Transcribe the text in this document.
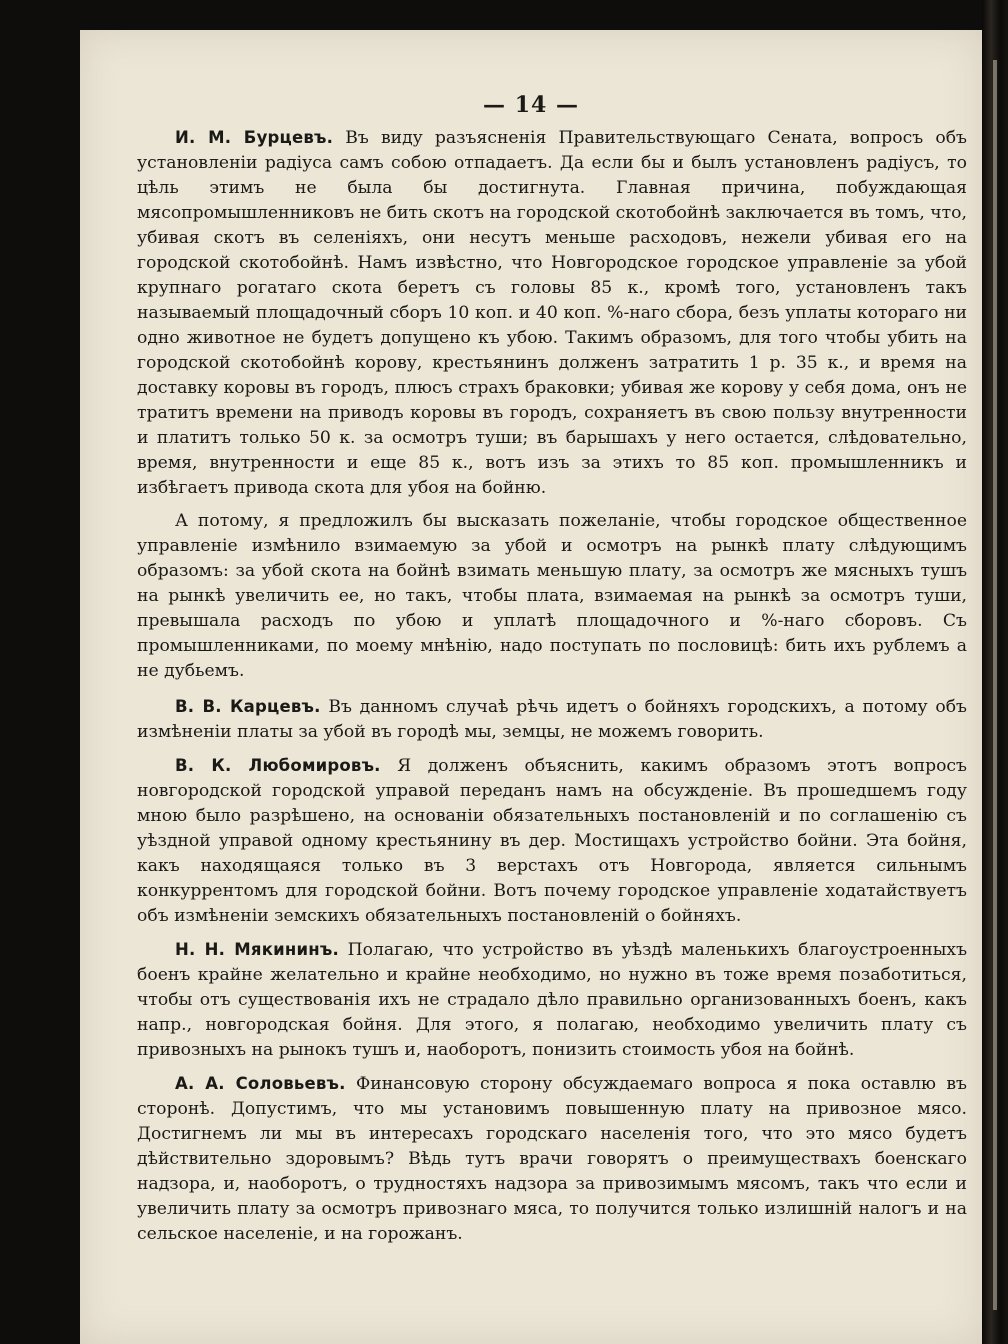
— 14 —

И. М. Бурцевъ. Въ виду разъясненія Правительствующаго Сената, вопросъ объ установленіи радіуса самъ собою отпадаетъ. Да если бы и былъ установленъ радіусъ, то цѣль этимъ не была бы достигнута. Главная причина, побуждающая мясопромышленниковъ не бить скотъ на городской скотобойнѣ заключается въ томъ, что, убивая скотъ въ селеніяхъ, они несутъ меньше расходовъ, нежели убивая его на городской скотобойнѣ. Намъ извѣстно, что Новгородское городское управленіе за убой крупнаго рогатаго скота беретъ съ головы 85 к., кромѣ того, установленъ такъ называемый площадочный сборъ 10 коп. и 40 коп. %-наго сбора, безъ уплаты котораго ни одно животное не будетъ допущено къ убою. Такимъ образомъ, для того чтобы убить на городской скотобойнѣ корову, крестьянинъ долженъ затратить 1 р. 35 к., и время на доставку коровы въ городъ, плюсъ страхъ браковки; убивая же корову у себя дома, онъ не тратитъ времени на приводъ коровы въ городъ, сохраняетъ въ свою пользу внутренности и платитъ только 50 к. за осмотръ туши; въ барышахъ у него остается, слѣдовательно, время, внутренности и еще 85 к., вотъ изъ за этихъ то 85 коп. промышленникъ и избѣгаетъ привода скота для убоя на бойню.

А потому, я предложилъ бы высказать пожеланіе, чтобы городское общественное управленіе измѣнило взимаемую за убой и осмотръ на рынкѣ плату слѣдующимъ образомъ: за убой скота на бойнѣ взимать меньшую плату, за осмотръ же мясныхъ тушъ на рынкѣ увеличить ее, но такъ, чтобы плата, взимаемая на рынкѣ за осмотръ туши, превышала расходъ по убою и уплатѣ площадочного и %-наго сборовъ. Съ промышленниками, по моему мнѣнію, надо поступать по пословицѣ: бить ихъ рублемъ а не дубьемъ.

В. В. Карцевъ. Въ данномъ случаѣ рѣчь идетъ о бойняхъ городскихъ, а потому объ измѣненіи платы за убой въ городѣ мы, земцы, не можемъ говорить.

В. К. Любомировъ. Я долженъ объяснить, какимъ образомъ этотъ вопросъ новгородской городской управой переданъ намъ на обсужденіе. Въ прошедшемъ году мною было разрѣшено, на основаніи обязательныхъ постановленій и по соглашенію съ уѣздной управой одному крестьянину въ дер. Мостищахъ устройство бойни. Эта бойня, какъ находящаяся только въ 3 верстахъ отъ Новгорода, является сильнымъ конкуррентомъ для городской бойни. Вотъ почему городское управленіе ходатайствуетъ объ измѣненіи земскихъ обязательныхъ постановленій о бойняхъ.

Н. Н. Мякининъ. Полагаю, что устройство въ уѣздѣ маленькихъ благоустроенныхъ боенъ крайне желательно и крайне необходимо, но нужно въ тоже время позаботиться, чтобы отъ существованія ихъ не страдало дѣло правильно организованныхъ боенъ, какъ напр., новгородская бойня. Для этого, я полагаю, необходимо увеличить плату съ привозныхъ на рынокъ тушъ и, наоборотъ, понизить стоимость убоя на бойнѣ.

А. А. Соловьевъ. Финансовую сторону обсуждаемаго вопроса я пока оставлю въ сторонѣ. Допустимъ, что мы установимъ повышенную плату на привозное мясо. Достигнемъ ли мы въ интересахъ городскаго населенія того, что это мясо будетъ дѣйствительно здоровымъ? Вѣдь тутъ врачи говорятъ о преимуществахъ боенскаго надзора, и, наоборотъ, о трудностяхъ надзора за привозимымъ мясомъ, такъ что если и увеличить плату за осмотръ привознаго мяса, то получится только излишній налогъ и на сельское населеніе, и на горожанъ.
